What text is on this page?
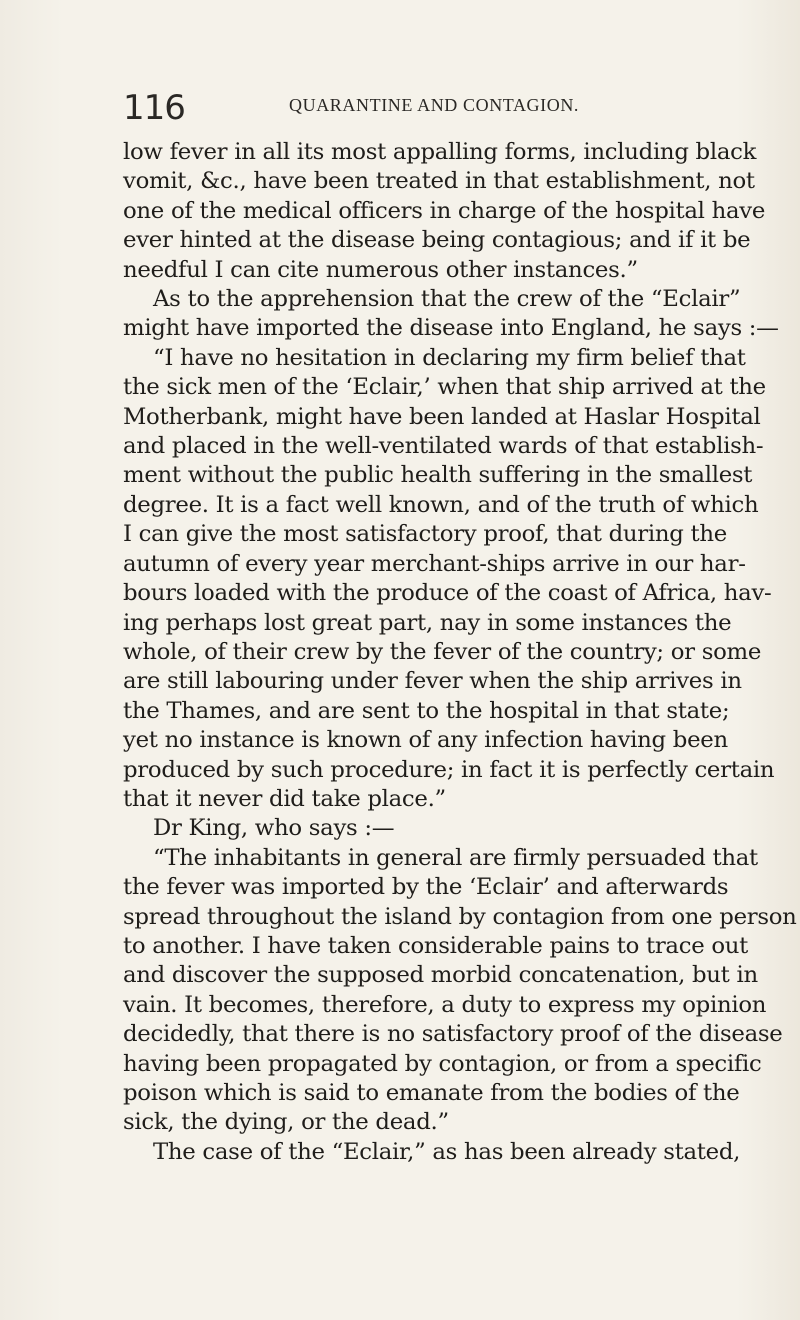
116	QUARANTINE AND CONTAGION.
low fever in all its most appalling forms, including black
vomit, &c., have been treated in that establishment, not
one of the medical officers in charge of the hospital have
ever hinted at the disease being contagious; and if it be
needful I can cite numerous other instances.”
As to the apprehension that the crew of the “Eclair”
might have imported the disease into England, he says :—
“I have no hesitation in declaring my firm belief that
the sick men of the ‘Eclair,’ when that ship arrived at the
Motherbank, might have been landed at Haslar Hospital
and placed in the well-ventilated wards of that establish-
ment without the public health suffering in the smallest
degree. It is a fact well known, and of the truth of which
I can give the most satisfactory proof, that during the
autumn of every year merchant-ships arrive in our har-
bours loaded with the produce of the coast of Africa, hav-
ing perhaps lost great part, nay in some instances the
whole, of their crew by the fever of the country; or some
are still labouring under fever when the ship arrives in
the Thames, and are sent to the hospital in that state;
yet no instance is known of any infection having been
produced by such procedure; in fact it is perfectly certain
that it never did take place.”
Dr King, who says :—
“The inhabitants in general are firmly persuaded that
the fever was imported by the ‘Eclair’ and afterwards
spread throughout the island by contagion from one person
to another. I have taken considerable pains to trace out
and discover the supposed morbid concatenation, but in
vain. It becomes, therefore, a duty to express my opinion
decidedly, that there is no satisfactory proof of the disease
having been propagated by contagion, or from a specific
poison which is said to emanate from the bodies of the
sick, the dying, or the dead.”
The case of the “Eclair,” as has been already stated,
